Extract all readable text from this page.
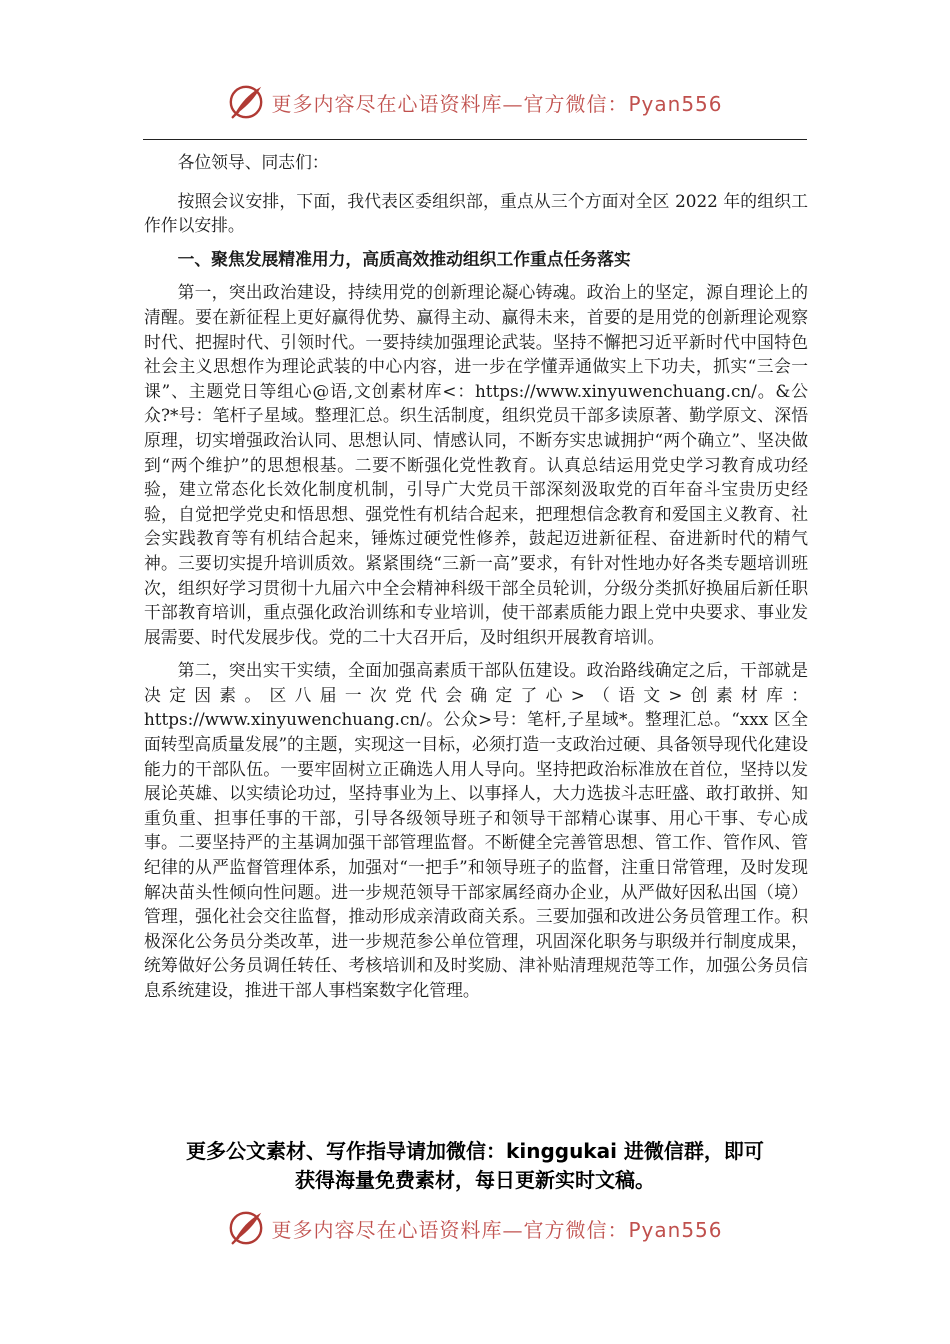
更多内容尽在心语资料库—官方微信：Pyan556

各位领导、同志们：

按照会议安排，下面，我代表区委组织部，重点从三个方面对全区 2022 年的组织工作作以安排。

一、聚焦发展精准用力，高质高效推动组织工作重点任务落实

第一，突出政治建设，持续用党的创新理论凝心铸魂。政治上的坚定，源自理论上的清醒。要在新征程上更好赢得优势、赢得主动、赢得未来，首要的是用党的创新理论观察时代、把握时代、引领时代。一要持续加强理论武装。坚持不懈把习近平新时代中国特色社会主义思想作为理论武装的中心内容，进一步在学懂弄通做实上下功夫，抓实“三会一课”、主题党日等组心@语,文创素材库<：https://www.xinyuwenchuang.cn/。&公众?*号：笔杆子星域。整理汇总。织生活制度，组织党员干部多读原著、勤学原文、深悟原理，切实增强政治认同、思想认同、情感认同，不断夯实忠诚拥护“两个确立”、坚决做到“两个维护”的思想根基。二要不断强化党性教育。认真总结运用党史学习教育成功经验，建立常态化长效化制度机制，引导广大党员干部深刻汲取党的百年奋斗宝贵历史经验，自觉把学党史和悟思想、强党性有机结合起来，把理想信念教育和爱国主义教育、社会实践教育等有机结合起来，锤炼过硬党性修养，鼓起迈进新征程、奋进新时代的精气神。三要切实提升培训质效。紧紧围绕“三新一高”要求，有针对性地办好各类专题培训班次，组织好学习贯彻十九届六中全会精神科级干部全员轮训，分级分类抓好换届后新任职干部教育培训，重点强化政治训练和专业培训，使干部素质能力跟上党中央要求、事业发展需要、时代发展步伐。党的二十大召开后，及时组织开展教育培训。

第二，突出实干实绩，全面加强高素质干部队伍建设。政治路线确定之后，干部就是决定因素。区八届一次党代会确定了心>（语文>创素材库：https://www.xinyuwenchuang.cn/。公众>号：笔杆,子星域*。整理汇总。“xxx 区全面转型高质量发展”的主题，实现这一目标，必须打造一支政治过硬、具备领导现代化建设能力的干部队伍。一要牢固树立正确选人用人导向。坚持把政治标准放在首位，坚持以发展论英雄、以实绩论功过，坚持事业为上、以事择人，大力选拔斗志旺盛、敢打敢拼、知重负重、担事任事的干部，引导各级领导班子和领导干部精心谋事、用心干事、专心成事。二要坚持严的主基调加强干部管理监督。不断健全完善管思想、管工作、管作风、管纪律的从严监督管理体系，加强对“一把手”和领导班子的监督，注重日常管理，及时发现解决苗头性倾向性问题。进一步规范领导干部家属经商办企业，从严做好因私出国（境）管理，强化社会交往监督，推动形成亲清政商关系。三要加强和改进公务员管理工作。积极深化公务员分类改革，进一步规范参公单位管理，巩固深化职务与职级并行制度成果，统筹做好公务员调任转任、考核培训和及时奖励、津补贴清理规范等工作，加强公务员信息系统建设，推进干部人事档案数字化管理。

更多公文素材、写作指导请加微信：kinggukai 进微信群，即可
获得海量免费素材，每日更新实时文稿。
更多内容尽在心语资料库—官方微信：Pyan556
